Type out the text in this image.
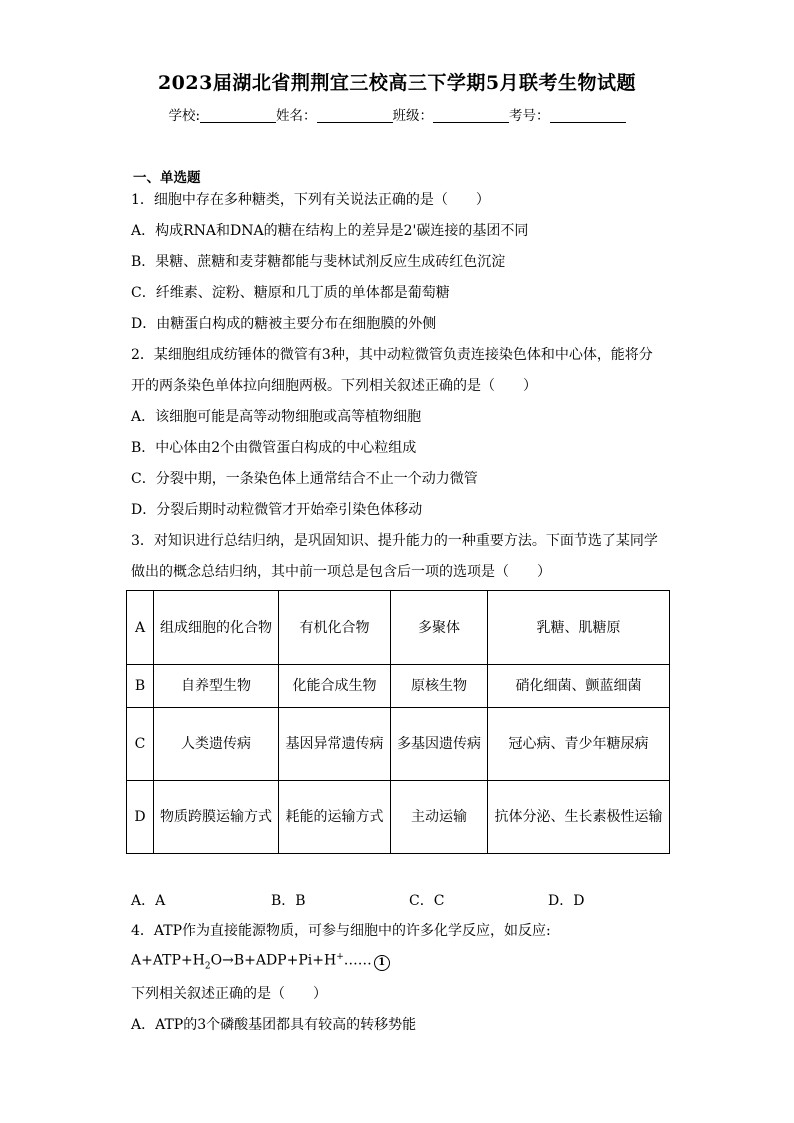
2023届湖北省荆荆宜三校高三下学期5月联考生物试题
学校:	姓名：	班级：	考号：
一、单选题
1．细胞中存在多种糖类，下列有关说法正确的是（　　）
A．构成RNA和DNA的糖在结构上的差异是2'碳连接的基团不同
B．果糖、蔗糖和麦芽糖都能与斐林试剂反应生成砖红色沉淀
C．纤维素、淀粉、糖原和几丁质的单体都是葡萄糖
D．由糖蛋白构成的糖被主要分布在细胞膜的外侧
2．某细胞组成纺锤体的微管有3种，其中动粒微管负责连接染色体和中心体，能将分
开的两条染色单体拉向细胞两极。下列相关叙述正确的是（　　）
A．该细胞可能是高等动物细胞或高等植物细胞
B．中心体由2个由微管蛋白构成的中心粒组成
C．分裂中期，一条染色体上通常结合不止一个动力微管
D．分裂后期时动粒微管才开始牵引染色体移动
3．对知识进行总结归纳，是巩固知识、提升能力的一种重要方法。下面节选了某同学
做出的概念总结归纳，其中前一项总是包含后一项的选项是（　　）
A	组成细胞的化合物	有机化合物	多聚体	乳糖、肌糖原
B	自养型生物	化能合成生物	原核生物	硝化细菌、颤蓝细菌
C	人类遗传病	基因异常遗传病	多基因遗传病	冠心病、青少年糖尿病
D	物质跨膜运输方式	耗能的运输方式	主动运输	抗体分泌、生长素极性运输
A．A	B．B	C．C	D．D
4．ATP作为直接能源物质，可参与细胞中的许多化学反应，如反应:
$A+ATP+H_2O\to B+ADP+Pi+H^+\dots\dots$ 1
下列相关叙述正确的是（　　）
A．ATP的3个磷酸基团都具有较高的转移势能
